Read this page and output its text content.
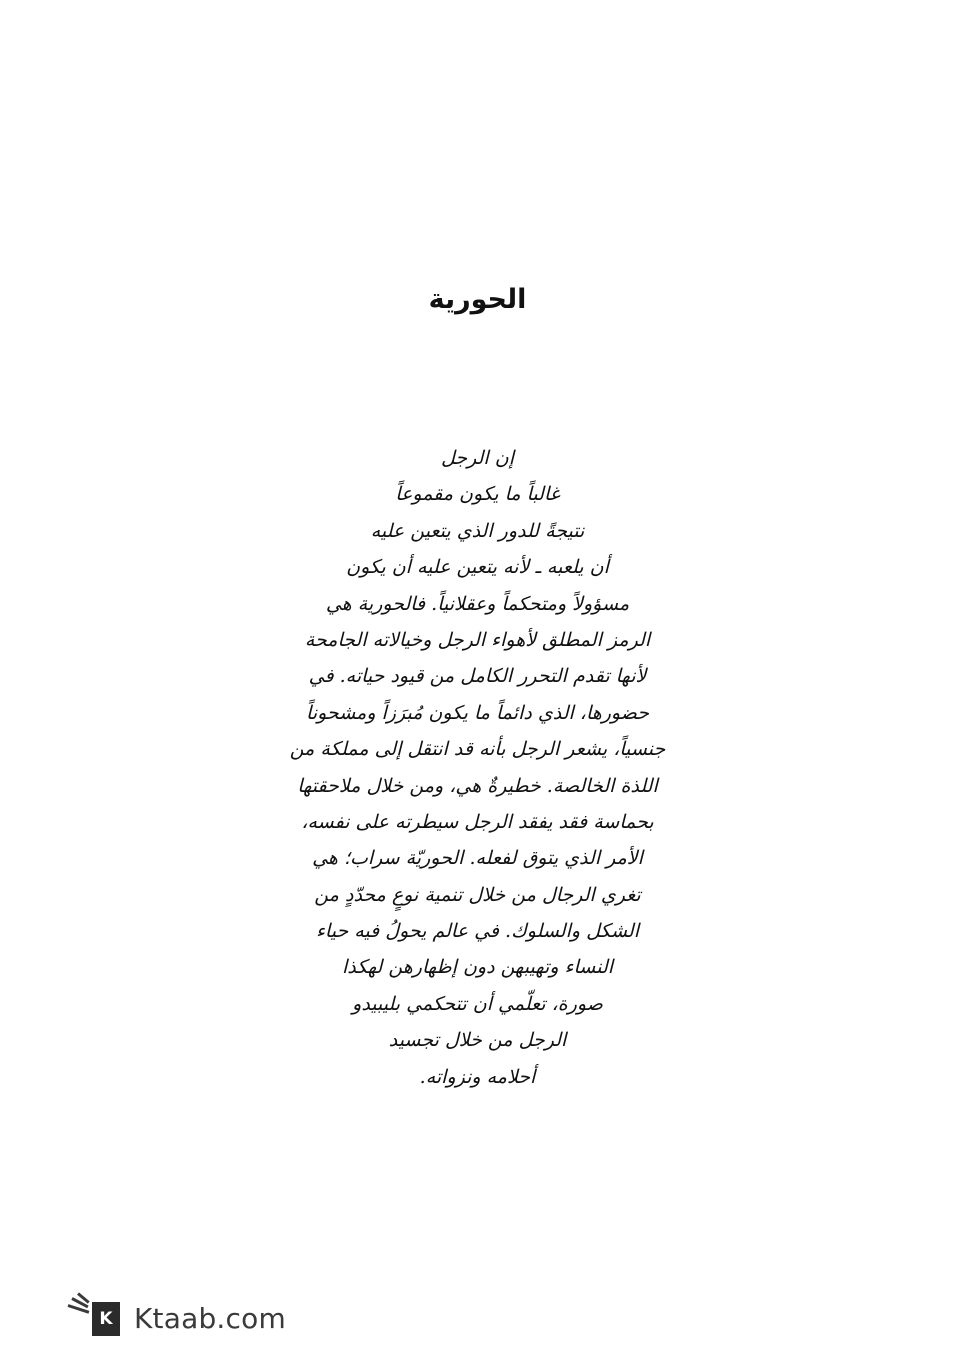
الحورية
إن الرجل
غالباً ما يكون مقموعاً
نتيجةً للدور الذي يتعين عليه
أن يلعبه ـ لأنه يتعين عليه أن يكون
مسؤولاً ومتحكماً وعقلانياً. فالحورية هي
الرمز المطلق لأهواء الرجل وخيالاته الجامحة
لأنها تقدم التحرر الكامل من قيود حياته. في
حضورها، الذي دائماً ما يكون مُبرَزاً ومشحوناً
جنسياً، يشعر الرجل بأنه قد انتقل إلى مملكة من
اللذة الخالصة. خطيرةٌ هي، ومن خلال ملاحقتها
بحماسة فقد يفقد الرجل سيطرته على نفسه،
الأمر الذي يتوق لفعله. الحوريّة سراب؛ هي
تغري الرجال من خلال تنمية نوعٍ محدّدٍ من
الشكل والسلوك. في عالم يحولُ فيه حياء
النساء وتهيبهن دون إظهارهن لهكذا
صورة، تعلّمي أن تتحكمي بليبيدو
الرجل من خلال تجسيد
أحلامه ونزواته.
K Ktaab.com
